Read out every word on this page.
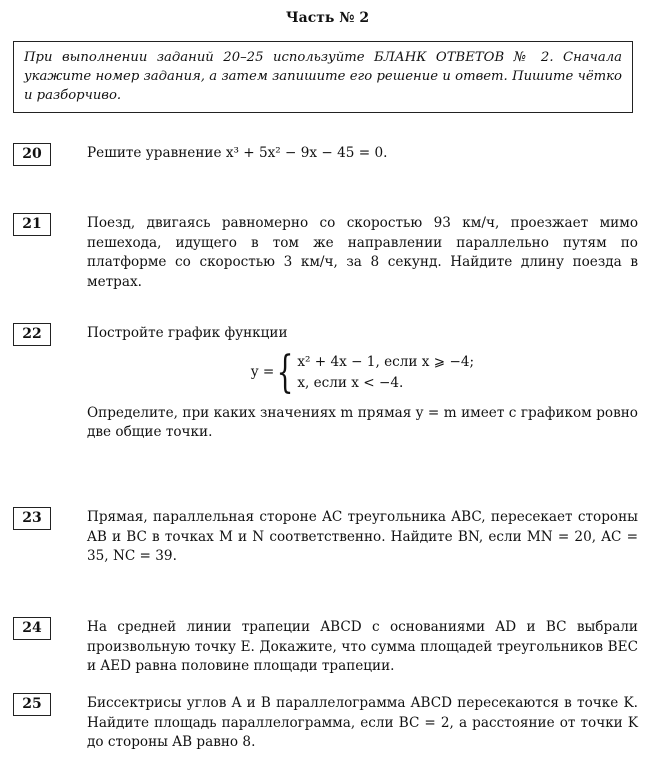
Часть № 2
При выполнении заданий 20–25 используйте БЛАНК ОТВЕТОВ № 2. Сначала укажите номер задания, а затем запишите его решение и ответ. Пишите чётко и разборчиво.
20	Решите уравнение x³ + 5x² − 9x − 45 = 0.
21	Поезд, двигаясь равномерно со скоростью 93 км/ч, проезжает мимо пешехода, идущего в том же направлении параллельно путям по платформе со скоростью 3 км/ч, за 8 секунд. Найдите длину поезда в метрах.
22	Постройте график функции
y = { x² + 4x − 1, если x ⩾ −4;
x, если x < −4.
Определите, при каких значениях m прямая y = m имеет с графиком ровно две общие точки.
23	Прямая, параллельная стороне AC треугольника ABC, пересекает стороны AB и BC в точках M и N соответственно. Найдите BN, если MN = 20, AC = 35, NC = 39.
24	На средней линии трапеции ABCD с основаниями AD и BC выбрали произвольную точку E. Докажите, что сумма площадей треугольников BEC и AED равна половине площади трапеции.
25	Биссектрисы углов A и B параллелограмма ABCD пересекаются в точке K. Найдите площадь параллелограмма, если BC = 2, а расстояние от точки K до стороны AB равно 8.
